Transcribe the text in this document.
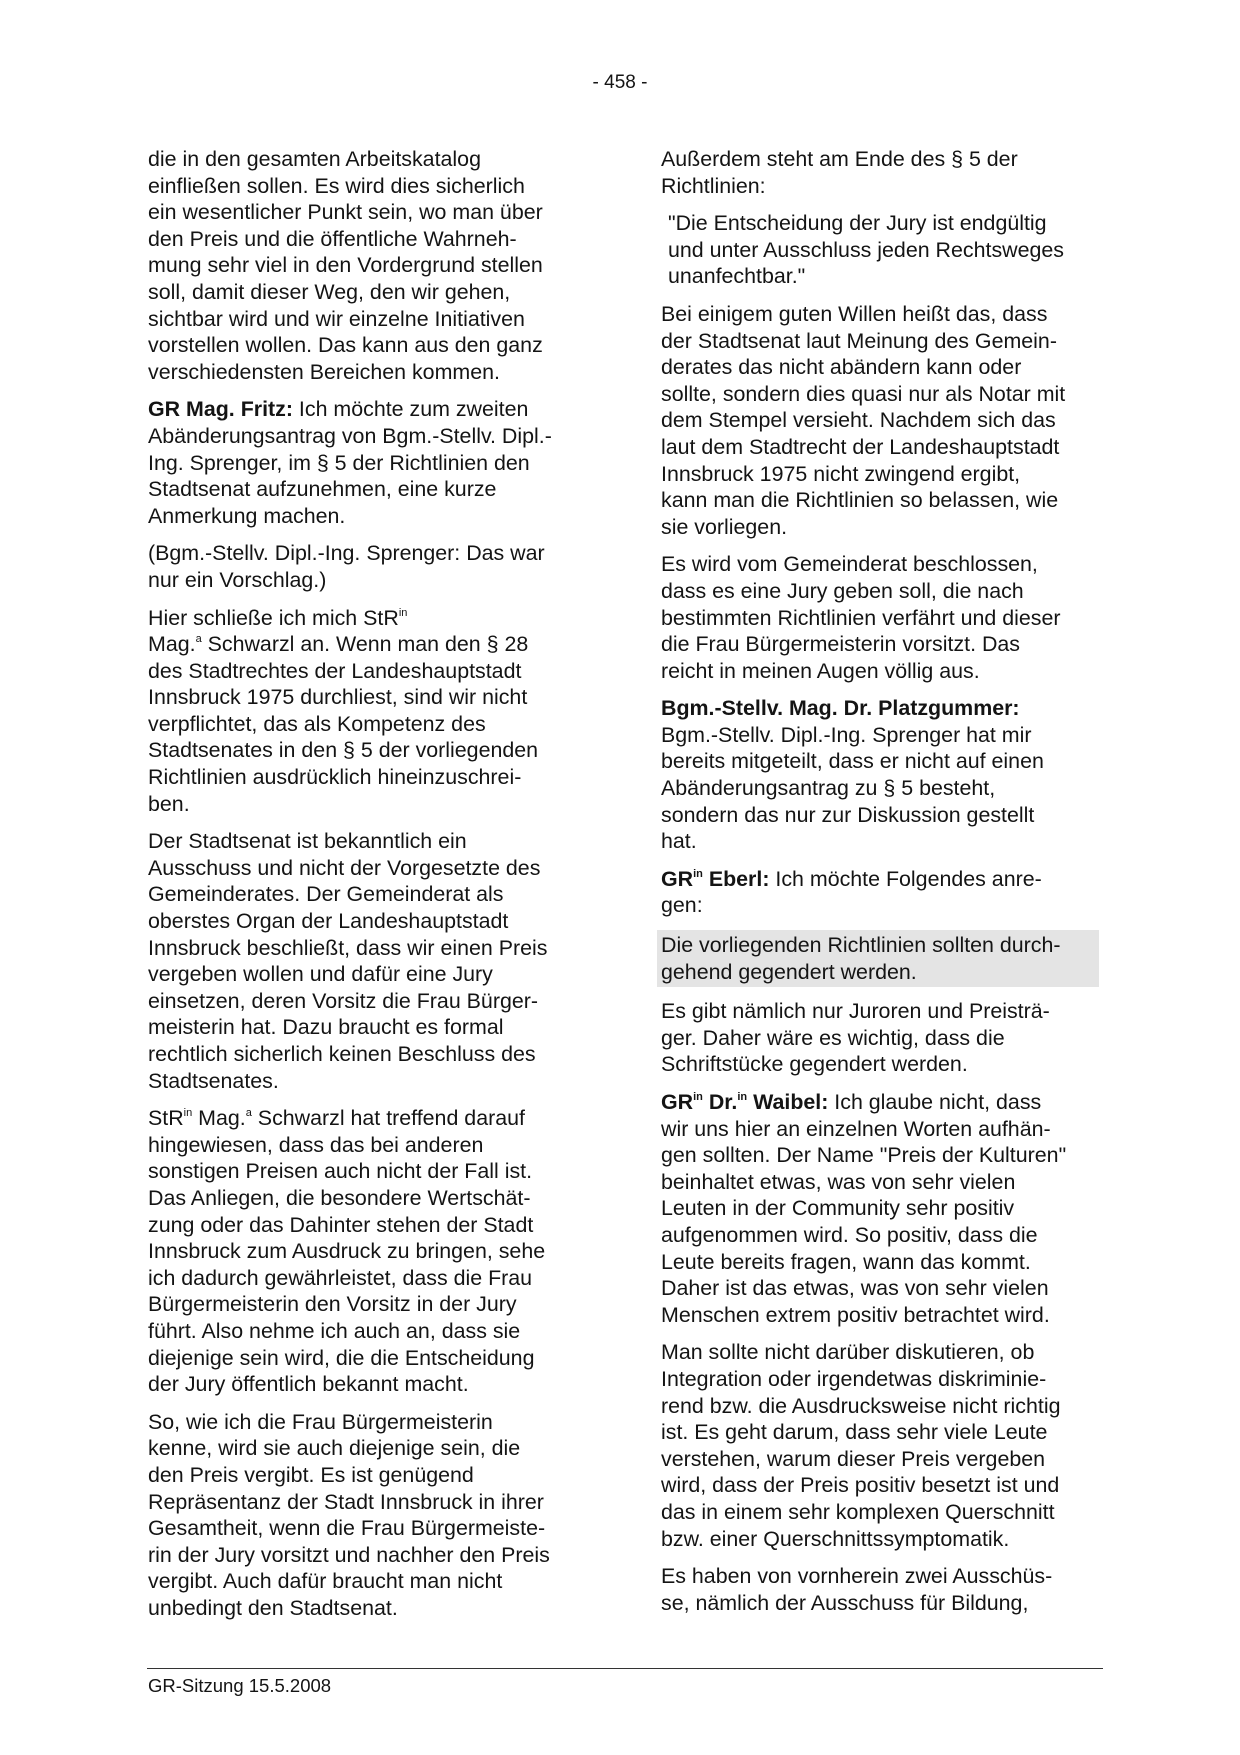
- 458 -

die in den gesamten Arbeitskatalog
einfließen sollen. Es wird dies sicherlich
ein wesentlicher Punkt sein, wo man über
den Preis und die öffentliche Wahrneh-
mung sehr viel in den Vordergrund stellen
soll, damit dieser Weg, den wir gehen,
sichtbar wird und wir einzelne Initiativen
vorstellen wollen. Das kann aus den ganz
verschiedensten Bereichen kommen.

GR Mag. Fritz: Ich möchte zum zweiten
Abänderungsantrag von Bgm.-Stellv. Dipl.-
Ing. Sprenger, im § 5 der Richtlinien den
Stadtsenat aufzunehmen, eine kurze
Anmerkung machen.

(Bgm.-Stellv. Dipl.-Ing. Sprenger: Das war
nur ein Vorschlag.)

Hier schließe ich mich StR$^{in}$
Mag.$^a$ Schwarzl an. Wenn man den § 28
des Stadtrechtes der Landeshauptstadt
Innsbruck 1975 durchliest, sind wir nicht
verpflichtet, das als Kompetenz des
Stadtsenates in den § 5 der vorliegenden
Richtlinien ausdrücklich hineinzuschrei-
ben.

Der Stadtsenat ist bekanntlich ein
Ausschuss und nicht der Vorgesetzte des
Gemeinderates. Der Gemeinderat als
oberstes Organ der Landeshauptstadt
Innsbruck beschließt, dass wir einen Preis
vergeben wollen und dafür eine Jury
einsetzen, deren Vorsitz die Frau Bürger-
meisterin hat. Dazu braucht es formal
rechtlich sicherlich keinen Beschluss des
Stadtsenates.

StR$^{in}$ Mag.$^a$ Schwarzl hat treffend darauf
hingewiesen, dass das bei anderen
sonstigen Preisen auch nicht der Fall ist.
Das Anliegen, die besondere Wertschät-
zung oder das Dahinter stehen der Stadt
Innsbruck zum Ausdruck zu bringen, sehe
ich dadurch gewährleistet, dass die Frau
Bürgermeisterin den Vorsitz in der Jury
führt. Also nehme ich auch an, dass sie
diejenige sein wird, die die Entscheidung
der Jury öffentlich bekannt macht.

So, wie ich die Frau Bürgermeisterin
kenne, wird sie auch diejenige sein, die
den Preis vergibt. Es ist genügend
Repräsentanz der Stadt Innsbruck in ihrer
Gesamtheit, wenn die Frau Bürgermeiste-
rin der Jury vorsitzt und nachher den Preis
vergibt. Auch dafür braucht man nicht
unbedingt den Stadtsenat.

Außerdem steht am Ende des § 5 der
Richtlinien:

"Die Entscheidung der Jury ist endgültig
und unter Ausschluss jeden Rechtsweges
unanfechtbar."

Bei einigem guten Willen heißt das, dass
der Stadtsenat laut Meinung des Gemein-
derates das nicht abändern kann oder
sollte, sondern dies quasi nur als Notar mit
dem Stempel versieht. Nachdem sich das
laut dem Stadtrecht der Landeshauptstadt
Innsbruck 1975 nicht zwingend ergibt,
kann man die Richtlinien so belassen, wie
sie vorliegen.

Es wird vom Gemeinderat beschlossen,
dass es eine Jury geben soll, die nach
bestimmten Richtlinien verfährt und dieser
die Frau Bürgermeisterin vorsitzt. Das
reicht in meinen Augen völlig aus.

Bgm.-Stellv. Mag. Dr. Platzgummer:
Bgm.-Stellv. Dipl.-Ing. Sprenger hat mir
bereits mitgeteilt, dass er nicht auf einen
Abänderungsantrag zu § 5 besteht,
sondern das nur zur Diskussion gestellt
hat.

$GR^{in}$ Eberl: Ich möchte Folgendes anre-
gen:

Die vorliegenden Richtlinien sollten durch-
gehend gegendert werden.

Es gibt nämlich nur Juroren und Preisträ-
ger. Daher wäre es wichtig, dass die
Schriftstücke gegendert werden.

$GR^{in}$ Dr.$^{in}$ Waibel: Ich glaube nicht, dass
wir uns hier an einzelnen Worten aufhän-
gen sollten. Der Name "Preis der Kulturen"
beinhaltet etwas, was von sehr vielen
Leuten in der Community sehr positiv
aufgenommen wird. So positiv, dass die
Leute bereits fragen, wann das kommt.
Daher ist das etwas, was von sehr vielen
Menschen extrem positiv betrachtet wird.

Man sollte nicht darüber diskutieren, ob
Integration oder irgendetwas diskriminie-
rend bzw. die Ausdrucksweise nicht richtig
ist. Es geht darum, dass sehr viele Leute
verstehen, warum dieser Preis vergeben
wird, dass der Preis positiv besetzt ist und
das in einem sehr komplexen Querschnitt
bzw. einer Querschnittssymptomatik.

Es haben von vornherein zwei Ausschüs-
se, nämlich der Ausschuss für Bildung,

GR-Sitzung 15.5.2008
